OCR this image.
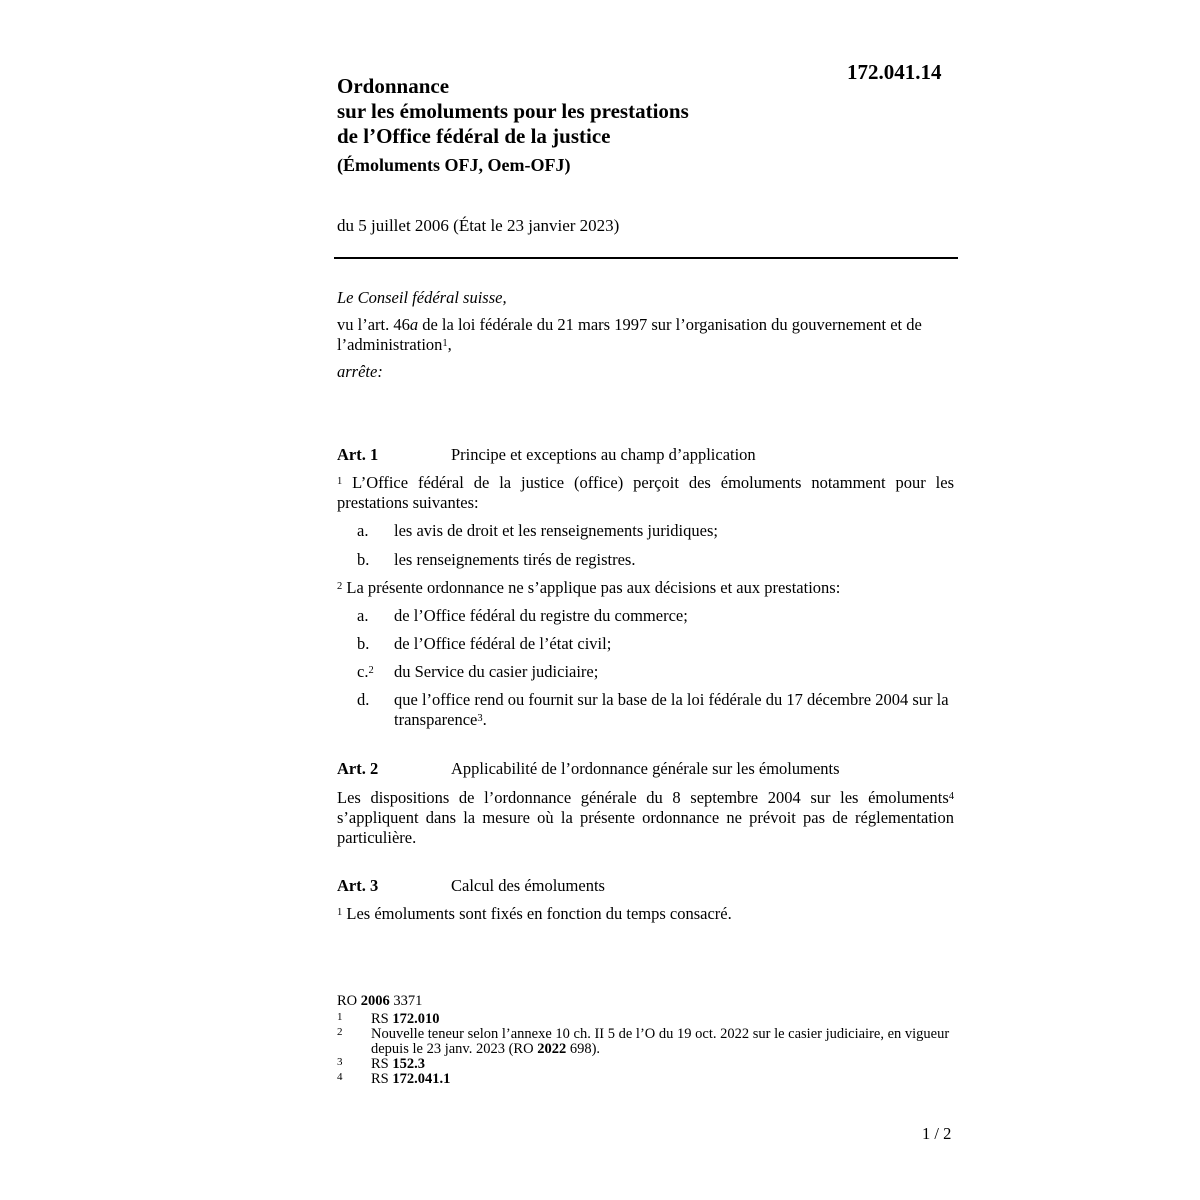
172.041.14
Ordonnance
sur les émoluments pour les prestations
de l’Office fédéral de la justice
(Émoluments OFJ, Oem-OFJ)
du 5 juillet 2006 (État le 23 janvier 2023)

Le Conseil fédéral suisse,

vu l’art. 46a de la loi fédérale du 21 mars 1997 sur l’organisation du gouvernement et de l’administration$^1$,

arrête:

Art. 1	Principe et exceptions au champ d’application
$^1$ L’Office fédéral de la justice (office) perçoit des émoluments notamment pour les prestations suivantes:
a. les avis de droit et les renseignements juridiques;
b. les renseignements tirés de registres.
$^2$ La présente ordonnance ne s’applique pas aux décisions et aux prestations:
a. de l’Office fédéral du registre du commerce;
b. de l’Office fédéral de l’état civil;
c.$^2$ du Service du casier judiciaire;
d. que l’office rend ou fournit sur la base de la loi fédérale du 17 décembre 2004 sur la transparence$^3$.
Art. 2	Applicabilité de l’ordonnance générale sur les émoluments
Les dispositions de l’ordonnance générale du 8 septembre 2004 sur les émoluments$^4$ s’appliquent dans la mesure où la présente ordonnance ne prévoit pas de réglementation particulière.
Art. 3	Calcul des émoluments
$^1$ Les émoluments sont fixés en fonction du temps consacré.
RO 2006 3371
1 RS 172.010
2 Nouvelle teneur selon l’annexe 10 ch. II 5 de l’O du 19 oct. 2022 sur le casier judiciaire, en vigueur depuis le 23 janv. 2023 (RO 2022 698).
3 RS 152.3
4 RS 172.041.1
1 / 2
